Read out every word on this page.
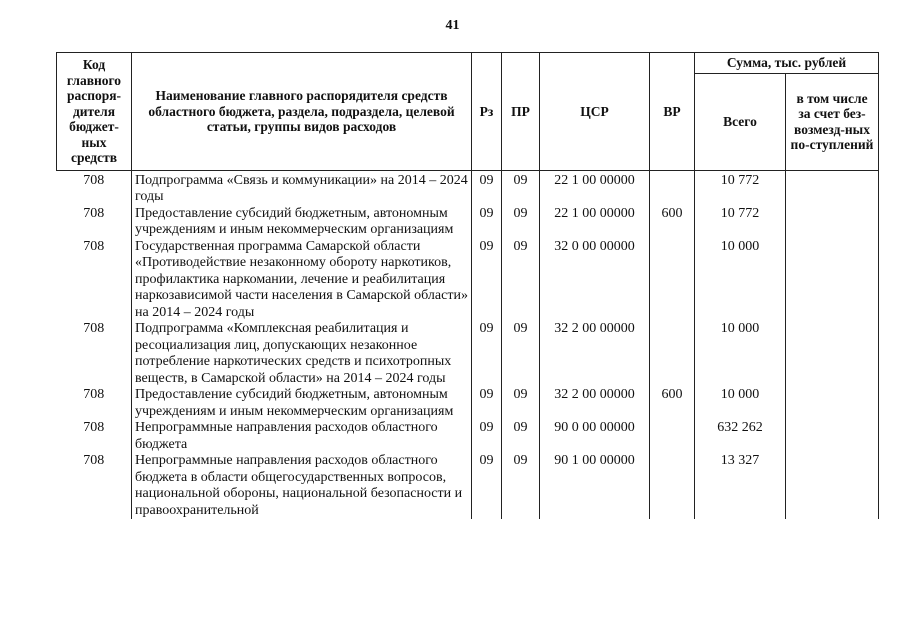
41
Код главного распоря-дителя бюджет-ных средств	Наименование главного распорядителя средств областного бюджета, раздела, подраздела, целевой статьи, группы видов расходов	Рз	ПР	ЦСР	ВР	Сумма, тыс. рублей	
						Всего	в том числе за счет без-возмезд-ных по-ступлений
708	Подпрограмма «Связь и коммуникации» на 2014 – 2024 годы	09	09	22 1 00 00000		10 772	
708	Предоставление субсидий бюджетным, автономным учреждениям и иным некоммерческим организациям	09	09	22 1 00 00000	600	10 772	
708	Государственная программа Самарской области «Противодействие незаконному обороту наркотиков, профилактика наркомании, лечение и реабилитация наркозависимой части населения в Самарской области» на 2014 – 2024 годы	09	09	32 0 00 00000		10 000	
708	Подпрограмма «Комплексная реабилитация и ресоциализация лиц, допускающих незаконное потребление наркотических средств и психотропных веществ, в Самарской области» на 2014 – 2024 годы	09	09	32 2 00 00000		10 000	
708	Предоставление субсидий бюджетным, автономным учреждениям и иным некоммерческим организациям	09	09	32 2 00 00000	600	10 000	
708	Непрограммные направления расходов областного бюджета	09	09	90 0 00 00000		632 262	
708	Непрограммные направления расходов областного бюджета в области общегосударственных вопросов, национальной обороны, национальной безопасности и правоохранительной	09	09	90 1 00 00000		13 327	
